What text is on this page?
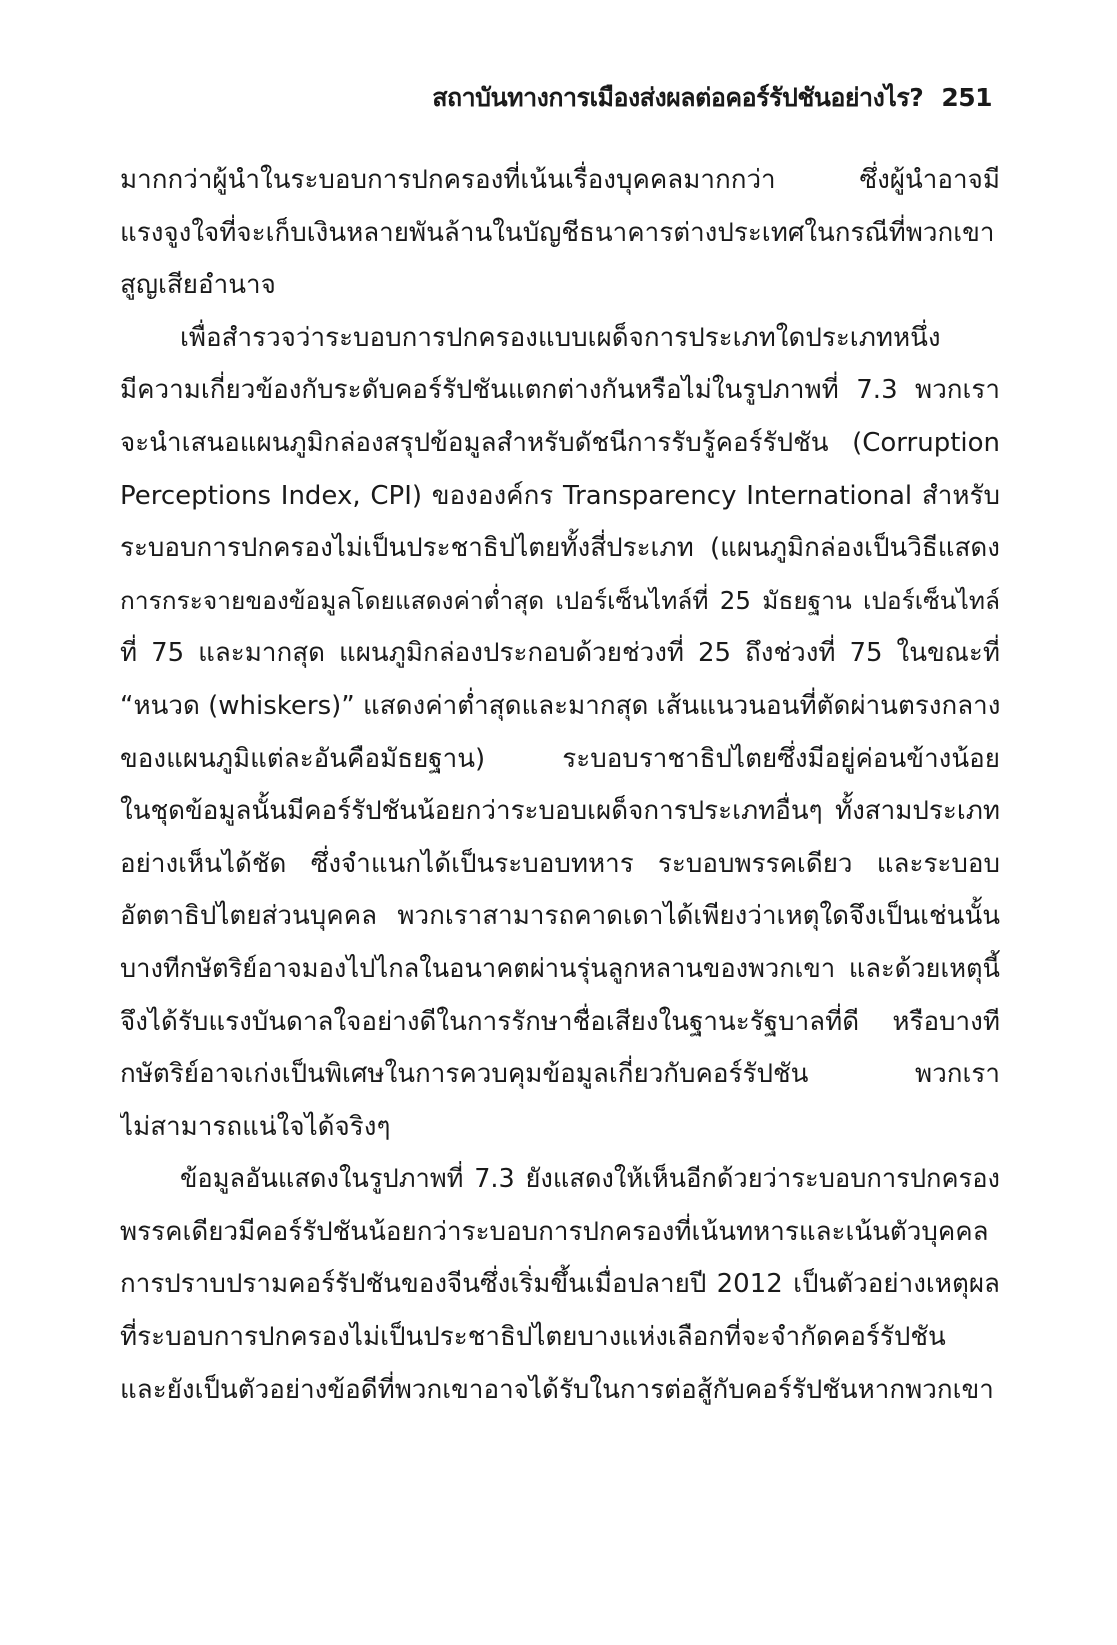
สถาบันทางการเมืองส่งผลต่อคอร์รัปชันอย่างไร? 251
มากกว่าผู้นำในระบอบการปกครองที่เน้นเรื่องบุคคลมากกว่า ซึ่งผู้นำอาจมี
แรงจูงใจที่จะเก็บเงินหลายพันล้านในบัญชีธนาคารต่างประเทศในกรณีที่พวกเขา
สูญเสียอำนาจ
เพื่อสำรวจว่าระบอบการปกครองแบบเผด็จการประเภทใดประเภทหนึ่ง
มีความเกี่ยวข้องกับระดับคอร์รัปชันแตกต่างกันหรือไม่ในรูปภาพที่ 7.3 พวกเรา
จะนำเสนอแผนภูมิกล่องสรุปข้อมูลสำหรับดัชนีการรับรู้คอร์รัปชัน (Corruption
Perceptions Index, CPI) ขององค์กร Transparency International สำหรับ
ระบอบการปกครองไม่เป็นประชาธิปไตยทั้งสี่ประเภท (แผนภูมิกล่องเป็นวิธีแสดง
การกระจายของข้อมูลโดยแสดงค่าต่ำสุด เปอร์เซ็นไทล์ที่ 25 มัธยฐาน เปอร์เซ็นไทล์
ที่ 75 และมากสุด แผนภูมิกล่องประกอบด้วยช่วงที่ 25 ถึงช่วงที่ 75 ในขณะที่
“หนวด (whiskers)” แสดงค่าต่ำสุดและมากสุด เส้นแนวนอนที่ตัดผ่านตรงกลาง
ของแผนภูมิแต่ละอันคือมัธยฐาน) ระบอบราชาธิปไตยซึ่งมีอยู่ค่อนข้างน้อย
ในชุดข้อมูลนั้นมีคอร์รัปชันน้อยกว่าระบอบเผด็จการประเภทอื่นๆ ทั้งสามประเภท
อย่างเห็นได้ชัด ซึ่งจำแนกได้เป็นระบอบทหาร ระบอบพรรคเดียว และระบอบ
อัตตาธิปไตยส่วนบุคคล พวกเราสามารถคาดเดาได้เพียงว่าเหตุใดจึงเป็นเช่นนั้น
บางทีกษัตริย์อาจมองไปไกลในอนาคตผ่านรุ่นลูกหลานของพวกเขา และด้วยเหตุนี้
จึงได้รับแรงบันดาลใจอย่างดีในการรักษาชื่อเสียงในฐานะรัฐบาลที่ดี หรือบางที
กษัตริย์อาจเก่งเป็นพิเศษในการควบคุมข้อมูลเกี่ยวกับคอร์รัปชัน พวกเรา
ไม่สามารถแน่ใจได้จริงๆ
ข้อมูลอันแสดงในรูปภาพที่ 7.3 ยังแสดงให้เห็นอีกด้วยว่าระบอบการปกครอง
พรรคเดียวมีคอร์รัปชันน้อยกว่าระบอบการปกครองที่เน้นทหารและเน้นตัวบุคคล
การปราบปรามคอร์รัปชันของจีนซึ่งเริ่มขึ้นเมื่อปลายปี 2012 เป็นตัวอย่างเหตุผล
ที่ระบอบการปกครองไม่เป็นประชาธิปไตยบางแห่งเลือกที่จะจำกัดคอร์รัปชัน
และยังเป็นตัวอย่างข้อดีที่พวกเขาอาจได้รับในการต่อสู้กับคอร์รัปชันหากพวกเขา
